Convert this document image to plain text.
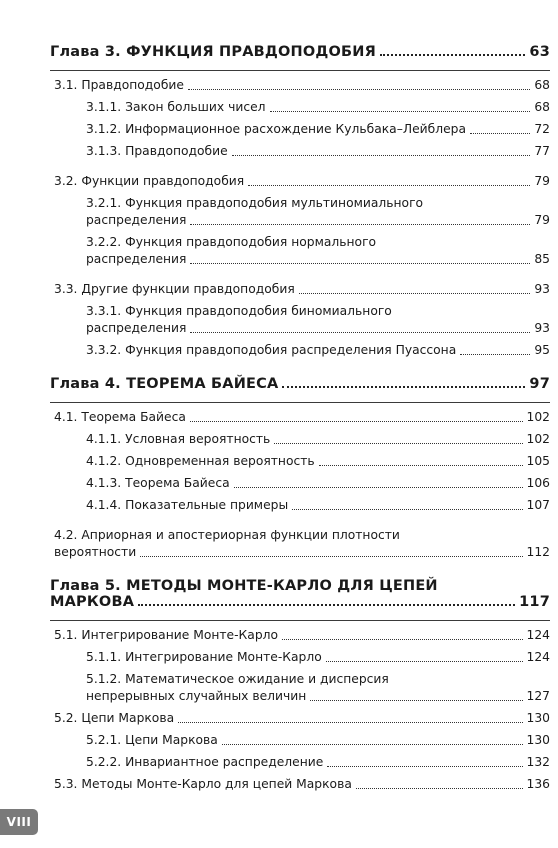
Глава 3. ФУНКЦИЯ ПРАВДОПОДОБИЯ	63
3.1. Правдоподобие	68
3.1.1. Закон больших чисел	68
3.1.2. Информационное расхождение Кульбака–Лейблера	72
3.1.3. Правдоподобие	77
3.2. Функции правдоподобия	79
3.2.1. Функция правдоподобия мультиномиального
распределения	79
3.2.2. Функция правдоподобия нормального
распределения	85
3.3. Другие функции правдоподобия	93
3.3.1. Функция правдоподобия биномиального
распределения	93
3.3.2. Функция правдоподобия распределения Пуассона	95
Глава 4. ТЕОРЕМА БАЙЕСА	97
4.1. Теорема Байеса	102
4.1.1. Условная вероятность	102
4.1.2. Одновременная вероятность	105
4.1.3. Теорема Байеса	106
4.1.4. Показательные примеры	107
4.2. Априорная и апостериорная функции плотности
вероятности	112
Глава 5. МЕТОДЫ МОНТЕ-КАРЛО ДЛЯ ЦЕПЕЙ
МАРКОВА	117
5.1. Интегрирование Монте-Карло	124
5.1.1. Интегрирование Монте-Карло	124
5.1.2. Математическое ожидание и дисперсия
непрерывных случайных величин	127
5.2. Цепи Маркова	130
5.2.1. Цепи Маркова	130
5.2.2. Инвариантное распределение	132
5.3. Методы Монте-Карло для цепей Маркова	136
VIII
